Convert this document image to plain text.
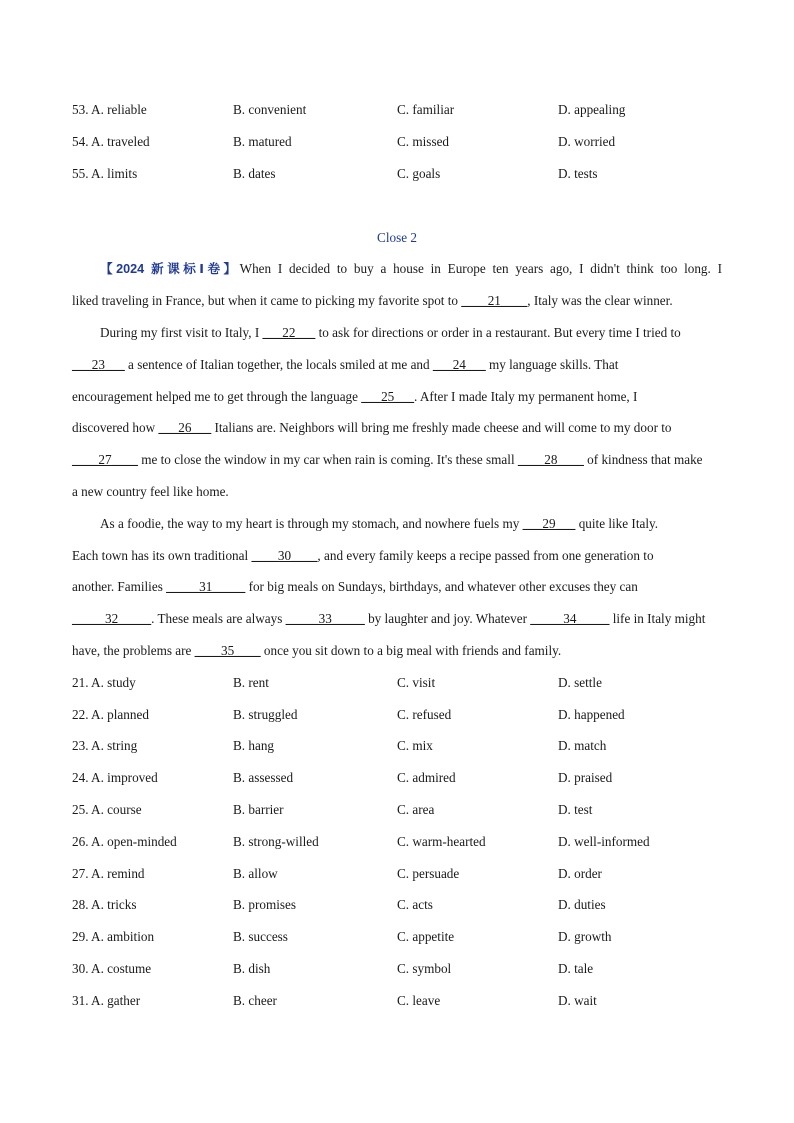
53. A. reliable	B. convenient	C. familiar	D. appealing
54. A. traveled	B. matured	C. missed	D. worried
55. A. limits	B. dates	C. goals	D. tests
Close 2
【2024 新课标Ⅰ卷】When I decided to buy a house in Europe ten years ago, I didn't think too long. I
liked traveling in France, but when it came to picking my favorite spot to ____21____, Italy was the clear winner.
During my first visit to Italy, I ___22___ to ask for directions or order in a restaurant. But every time I tried to
___23___ a sentence of Italian together, the locals smiled at me and ___24___ my language skills. That
encouragement helped me to get through the language ___25___. After I made Italy my permanent home, I
discovered how ___26___ Italians are. Neighbors will bring me freshly made cheese and will come to my door to
____27____ me to close the window in my car when rain is coming. It's these small ____28____ of kindness that make
a new country feel like home.
As a foodie, the way to my heart is through my stomach, and nowhere fuels my ___29___ quite like Italy.
Each town has its own traditional ____30____, and every family keeps a recipe passed from one generation to
another. Families _____31_____ for big meals on Sundays, birthdays, and whatever other excuses they can
_____32_____. These meals are always _____33_____ by laughter and joy. Whatever _____34_____ life in Italy might
have, the problems are ____35____ once you sit down to a big meal with friends and family.
21. A. study	B. rent	C. visit	D. settle
22. A. planned	B. struggled	C. refused	D. happened
23. A. string	B. hang	C. mix	D. match
24. A. improved	B. assessed	C. admired	D. praised
25. A. course	B. barrier	C. area	D. test
26. A. open-minded	B. strong-willed	C. warm-hearted	D. well-informed
27. A. remind	B. allow	C. persuade	D. order
28. A. tricks	B. promises	C. acts	D. duties
29. A. ambition	B. success	C. appetite	D. growth
30. A. costume	B. dish	C. symbol	D. tale
31. A. gather	B. cheer	C. leave	D. wait
